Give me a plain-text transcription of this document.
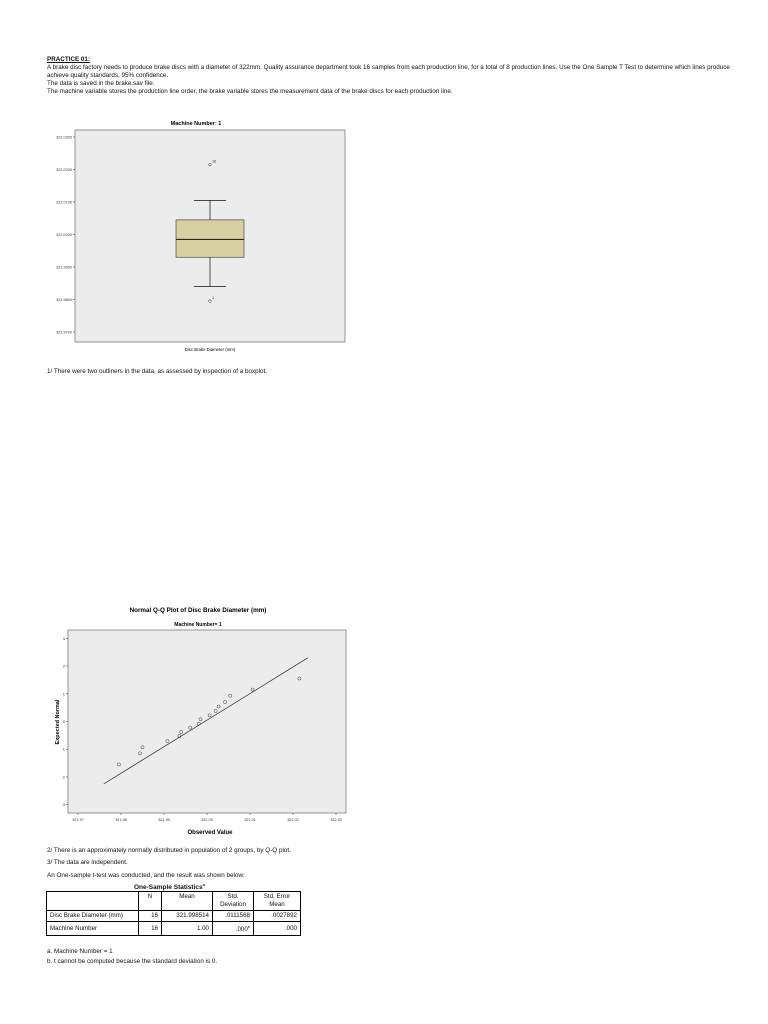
PRACTICE 01:

A brake disc factory needs to produce brake discs with a diameter of 322mm. Quality assurance department took 16 samples from each production line, for a total of 8 production lines. Use the One Sample T Test to determine which lines produce achieve quality standards, 95% confidence.

The data is saved in the brake.sav file.

The machine variable stores the production line order, the brake variable stores the measurement data of the brake discs for each production line.

Machine Number: 1
322.0300
322.0200
322.0100
322.0000
321.9900
321.9800
321.9700
16
1
Disc Brake Diameter (mm)
1/ There were two outliners in the data, as assessed by inspection of a boxplot.
Normal Q-Q Plot of Disc Brake Diameter (mm)
Machine Number= 1
3
2
1
0
-1
-2
-3
321.97	321.98	321.99	322.00	322.01	322.02	322.03
Observed Value
Expected Normal
2/ There is an approximately normally distributed in population of 2 groups, by Q-Q plot.
3/ The data are independent.
An One-sample t-test was conducted, and the result was shown below:
One-Sample Statistics$^a$
	N	Mean	Std. Deviation	Std. Error Mean
Disc Brake Diameter (mm)	16	321.998514	.0111568	.0027892
Machine Number	16	1.00	.000$^b$	.000
a. Machine Number = 1
b. t cannot be computed because the standard deviation is 0.
